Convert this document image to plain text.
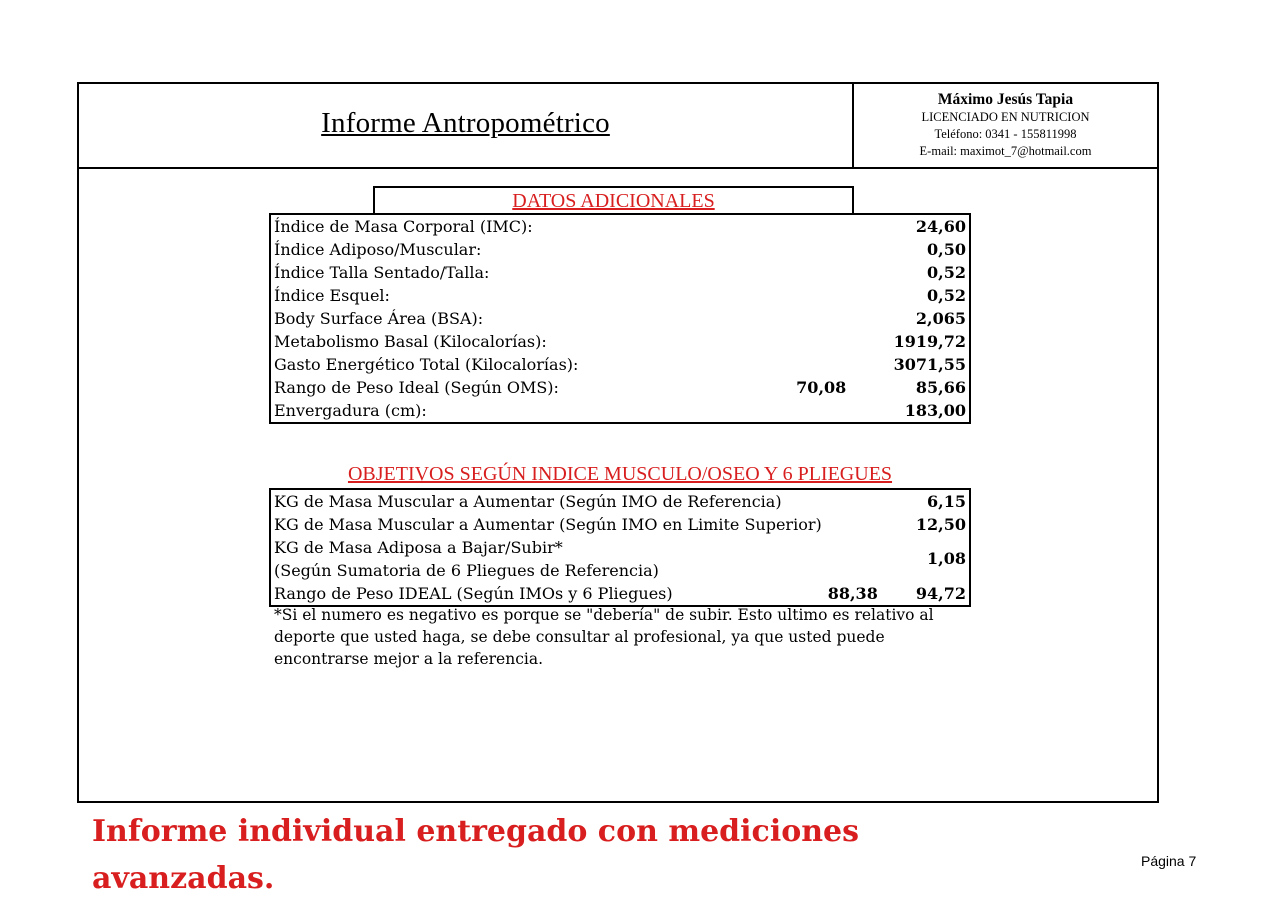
Informe Antropométrico
Máximo Jesús Tapia
LICENCIADO EN NUTRICION
Teléfono: 0341 - 155811998
E-mail: maximot_7@hotmail.com
DATOS ADICIONALES
Índice de Masa Corporal (IMC):		24,60
Índice Adiposo/Muscular:		0,50
Índice Talla Sentado/Talla:		0,52
Índice Esquel:		0,52
Body Surface Área (BSA):		2,065
Metabolismo Basal (Kilocalorías):		1919,72
Gasto Energético Total (Kilocalorías):		3071,55
Rango de Peso Ideal (Según OMS):	70,08	85,66
Envergadura (cm):		183,00
OBJETIVOS SEGÚN INDICE MUSCULO/OSEO Y 6 PLIEGUES
KG de Masa Muscular a Aumentar (Según IMO de Referencia)		6,15
KG de Masa Muscular a Aumentar (Según IMO en Limite Superior)		12,50
KG de Masa Adiposa a Bajar/Subir*		1,08
(Según Sumatoria de 6 Pliegues de Referencia)		
Rango de Peso IDEAL (Según IMOs y 6 Pliegues)	88,38	94,72
*Si el numero es negativo es porque se "debería" de subir. Esto ultimo es relativo al deporte que usted haga, se debe consultar al profesional, ya que usted puede encontrarse mejor a la referencia.
Informe individual entregado con mediciones avanzadas.	Página 7
